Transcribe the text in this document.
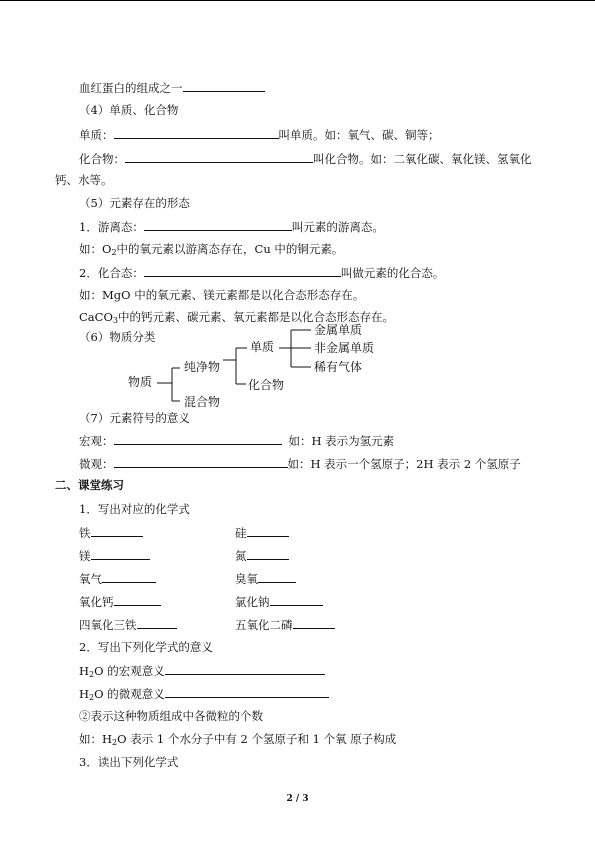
血红蛋白的组成之一
（4）单质、化合物
单质：	叫单质。如：氧气、碳、铜等；
化合物：	叫化合物。如：二氧化碳、氧化镁、氢氧化
钙、水等。
（5）元素存在的形态
1．游离态：	叫元素的游离态。
如：$O_2$中的氧元素以游离态存在，Cu 中的铜元素。
2．化合态：	叫做元素的化合态。
如：MgO 中的氧元素、镁元素都是以化合态形态存在。
CaCO$_3$中的钙元素、碳元素、氧元素都是以化合态形态存在。
（6）物质分类
物质
纯净物
混合物
单质
化合物
金属单质
非金属单质
稀有气体
（7）元素符号的意义
宏观：	如：H 表示为氢元素
微观：	如：H 表示一个氢原子；2H 表示 2 个氢原子
二、课堂练习
1．写出对应的化学式
铁	硅
镁	氮
氧气	臭氧
氧化钙	氯化钠
四氧化三铁	五氧化二磷
2．写出下列化学式的意义
$H_2O$ 的宏观意义
$H_2O$ 的微观意义
②表示这种物质组成中各微粒的个数
如：$H_2O$ 表示 1 个水分子中有 2 个氢原子和 1 个氧 原子构成
3．读出下列化学式
2 / 3
